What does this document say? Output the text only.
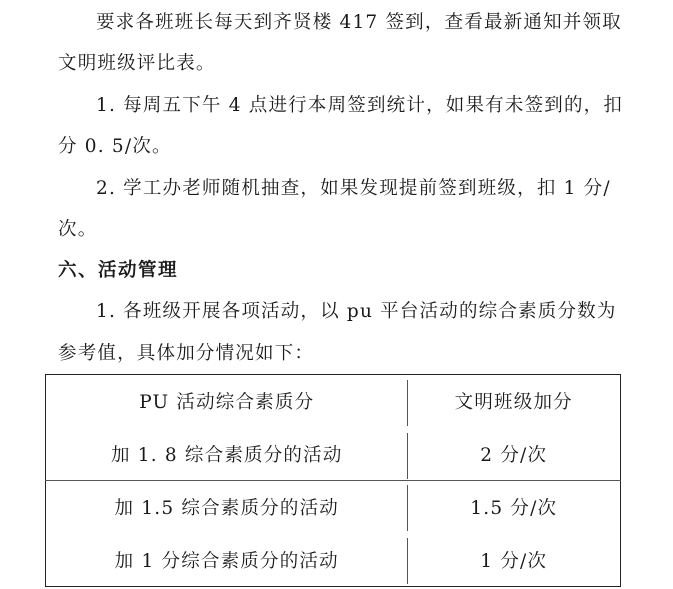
要求各班班长每天到齐贤楼 417 签到，查看最新通知并领取
文明班级评比表。
1. 每周五下午 4 点进行本周签到统计，如果有未签到的，扣
分 0. 5/次。
2. 学工办老师随机抽查，如果发现提前签到班级，扣 1 分/
次。
六、活动管理
1. 各班级开展各项活动，以 pu 平台活动的综合素质分数为
参考值，具体加分情况如下：
PU 活动综合素质分	文明班级加分
加 1. 8 综合素质分的活动	2 分/次
加 1.5 综合素质分的活动	1.5 分/次
加 1 分综合素质分的活动	1 分/次
